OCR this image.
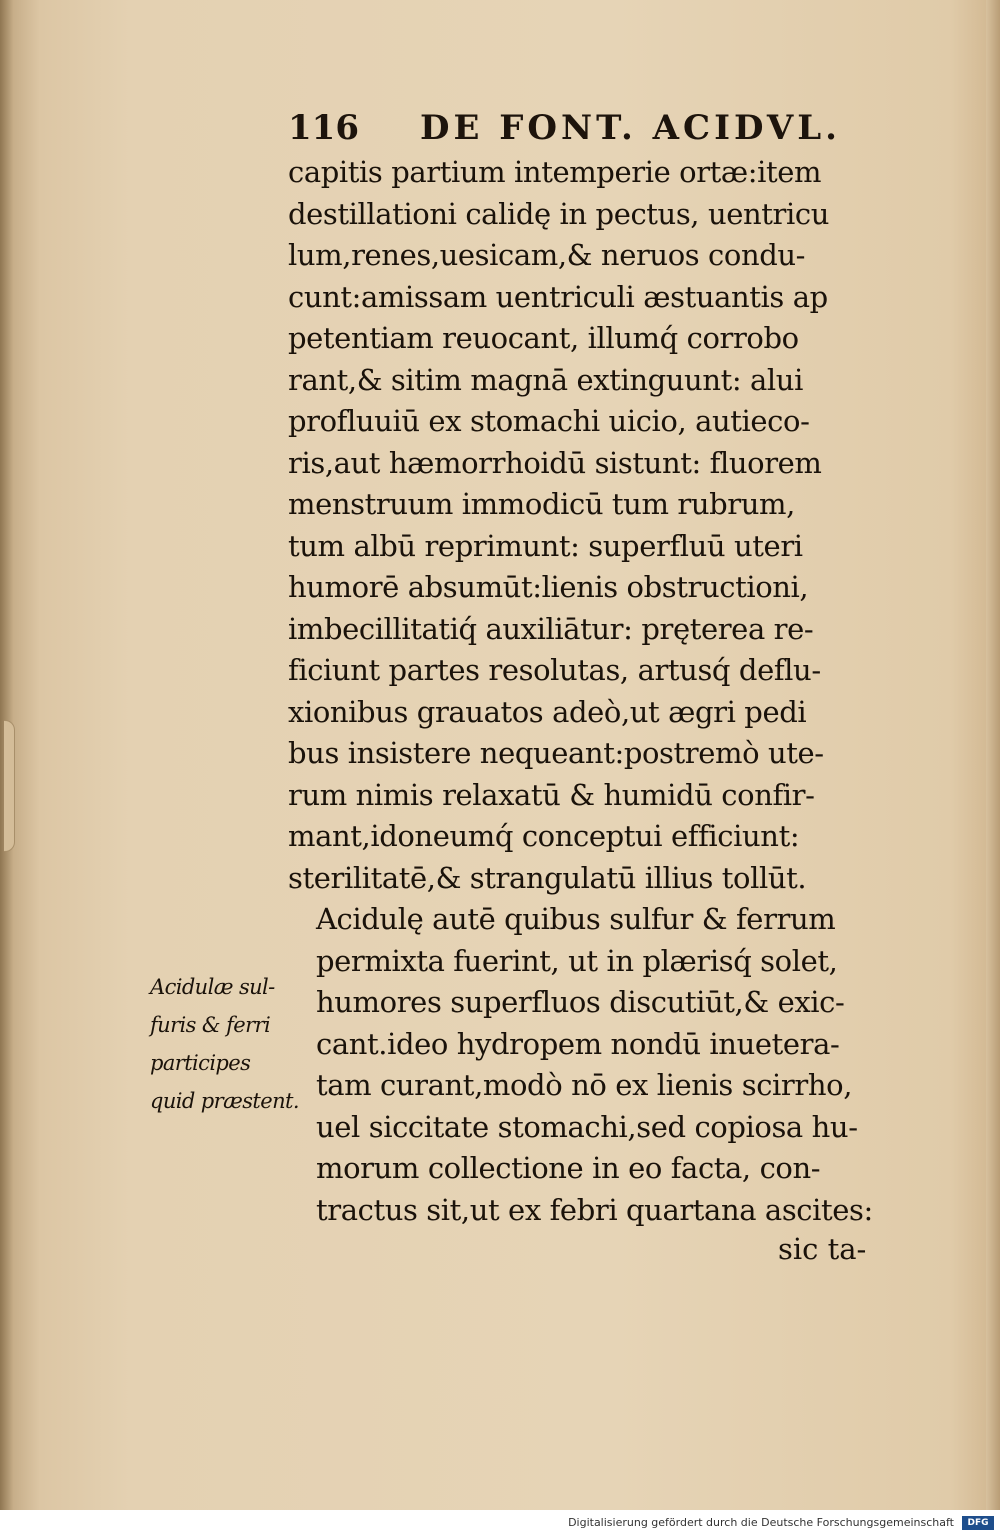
116 DE FONT. ACIDVL.
capitis partium intemperie ortæ:item
destillationi calidę in pectus, uentricu
lum,renes,uesicam,& neruos condu-
cunt:amissam uentriculi æstuantis ap
petentiam reuocant, illumq́ corrobo
rant,& sitim magnā extinguunt: alui
profluuiū ex stomachi uicio, autieco-
ris,aut hæmorrhoidū sistunt: fluorem
menstruum immodicū tum rubrum,
tum albū reprimunt: superfluū uteri
humorē absumūt:lienis obstructioni,
imbecillitatiq́ auxiliātur: prętereа re-
ficiunt partes resolutas, artusq́ deflu-
xionibus grauatos adeò,ut ægri pedi
bus insistere nequeant:postremò ute-
rum nimis relaxatū & humidū confir-
mant,idoneumq́ conceptui efficiunt:
sterilitatē,& strangulatū illius tollūt.
Acidulę autē quibus sulfur & ferrum
permixta fuerint, ut in plærisq́ solet,
humores superfluos discutiūt,& exic-
cant.ideo hydropem nondū inuetera-
tam curant,modò nō ex lienis scirrho,
uel siccitate stomachi,sed copiosa hu-
morum collectione in eo facta, con-
tractus sit,ut ex febri quartana ascites:
sic ta-
Acidulæ sul-
furis & ferri
participes
quid præstent.
Digitalisierung gefördert durch die Deutsche Forschungsgemeinschaft	DFG
